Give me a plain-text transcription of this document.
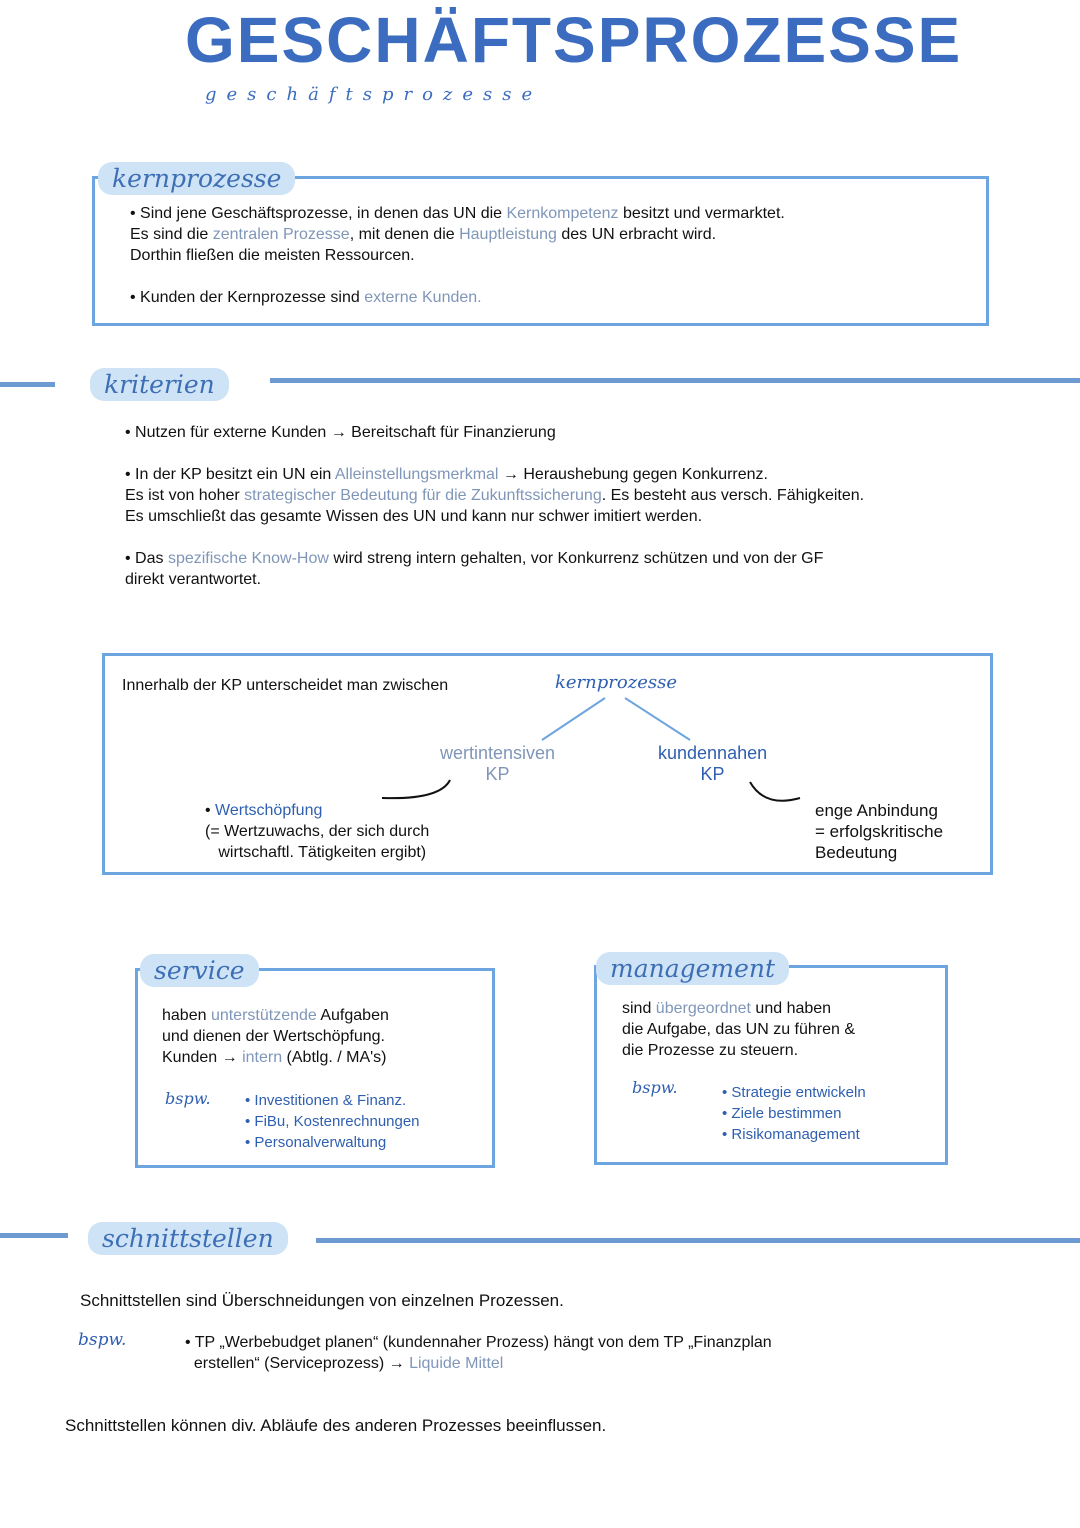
GESCHÄFTSPROZESSE
geschäftsprozesse
kernprozesse
• Sind jene Geschäftsprozesse, in denen das UN die Kernkompetenz besitzt und vermarktet.
Es sind die zentralen Prozesse, mit denen die Hauptleistung des UN erbracht wird.
Dorthin fließen die meisten Ressourcen.
• Kunden der Kernprozesse sind externe Kunden.
kriterien
• Nutzen für externe Kunden → Bereitschaft für Finanzierung
• In der KP besitzt ein UN ein Alleinstellungsmerkmal → Heraushebung gegen Konkurrenz.
Es ist von hoher strategischer Bedeutung für die Zukunftssicherung. Es besteht aus versch. Fähigkeiten.
Es umschließt das gesamte Wissen des UN und kann nur schwer imitiert werden.
• Das spezifische Know-How wird streng intern gehalten, vor Konkurrenz schützen und von der GF
direkt verantwortet.
Innerhalb der KP unterscheidet man zwischen	kernprozesse
wertintensiven
KP
kundennahen
KP
• Wertschöpfung
(= Wertzuwachs, der sich durch
wirtschaftl. Tätigkeiten ergibt)
enge Anbindung
= erfolgskritische
Bedeutung
service
haben unterstützende Aufgaben
und dienen der Wertschöpfung.
Kunden → intern (Abtlg. / MA's)
bspw. • Investitionen & Finanz.
• FiBu, Kostenrechnungen
• Personalverwaltung
management
sind übergeordnet und haben
die Aufgabe, das UN zu führen &
die Prozesse zu steuern.
bspw.	• Strategie entwickeln
• Ziele bestimmen
• Risikomanagement
schnittstellen
Schnittstellen sind Überschneidungen von einzelnen Prozessen.
bspw.	• TP „Werbebudget planen“ (kundennaher Prozess) hängt von dem TP „Finanzplan
erstellen“ (Serviceprozess) → Liquide Mittel
Schnittstellen können div. Abläufe des anderen Prozesses beeinflussen.
